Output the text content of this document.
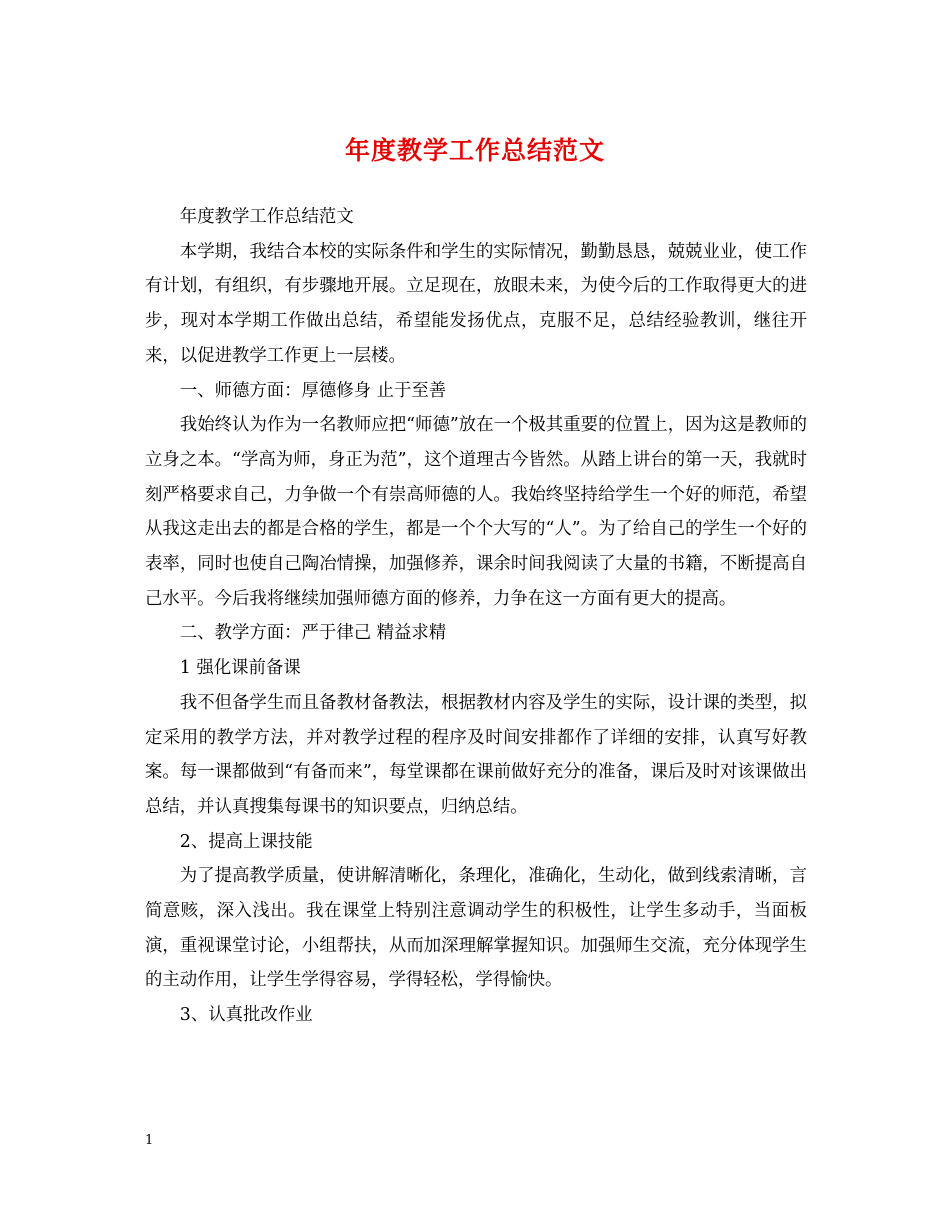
年度教学工作总结范文

年度教学工作总结范文

本学期，我结合本校的实际条件和学生的实际情况，勤勤恳恳，兢兢业业，使工作有计划，有组织，有步骤地开展。立足现在，放眼未来，为使今后的工作取得更大的进步，现对本学期工作做出总结，希望能发扬优点，克服不足，总结经验教训，继往开来，以促进教学工作更上一层楼。

一、师德方面：厚德修身 止于至善

我始终认为作为一名教师应把“师德”放在一个极其重要的位置上，因为这是教师的立身之本。“学高为师，身正为范”，这个道理古今皆然。从踏上讲台的第一天，我就时刻严格要求自己，力争做一个有崇高师德的人。我始终坚持给学生一个好的师范，希望从我这走出去的都是合格的学生，都是一个个大写的“人”。为了给自己的学生一个好的表率，同时也使自己陶冶情操，加强修养，课余时间我阅读了大量的书籍，不断提高自己水平。今后我将继续加强师德方面的修养，力争在这一方面有更大的提高。

二、教学方面：严于律己 精益求精

1 强化课前备课

我不但备学生而且备教材备教法，根据教材内容及学生的实际，设计课的类型，拟定采用的教学方法，并对教学过程的程序及时间安排都作了详细的安排，认真写好教案。每一课都做到“有备而来”，每堂课都在课前做好充分的准备，课后及时对该课做出总结，并认真搜集每课书的知识要点，归纳总结。

2、提高上课技能

为了提高教学质量，使讲解清晰化，条理化，准确化，生动化，做到线索清晰，言简意赅，深入浅出。我在课堂上特别注意调动学生的积极性，让学生多动手，当面板演，重视课堂讨论，小组帮扶，从而加深理解掌握知识。加强师生交流，充分体现学生的主动作用，让学生学得容易，学得轻松，学得愉快。

3、认真批改作业

1
